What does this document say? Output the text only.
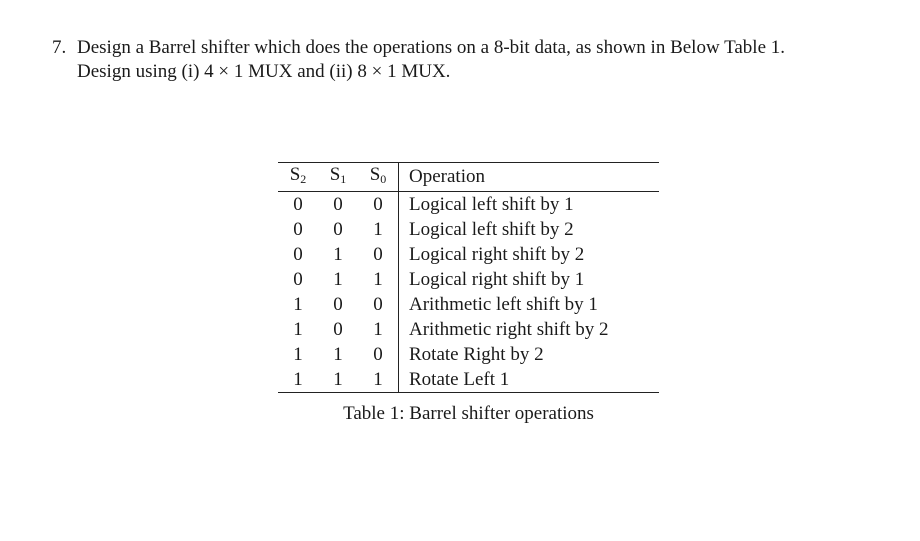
7. Design a Barrel shifter which does the operations on a 8-bit data, as shown in Below Table 1.
Design using (i) 4 × 1 MUX and (ii) 8 × 1 MUX.
$S_2$	$S_1$	$S_0$	Operation
0	0	0	Logical left shift by 1
0	0	1	Logical left shift by 2
0	1	0	Logical right shift by 2
0	1	1	Logical right shift by 1
1	0	0	Arithmetic left shift by 1
1	0	1	Arithmetic right shift by 2
1	1	0	Rotate Right by 2
1	1	1	Rotate Left 1
Table 1: Barrel shifter operations
